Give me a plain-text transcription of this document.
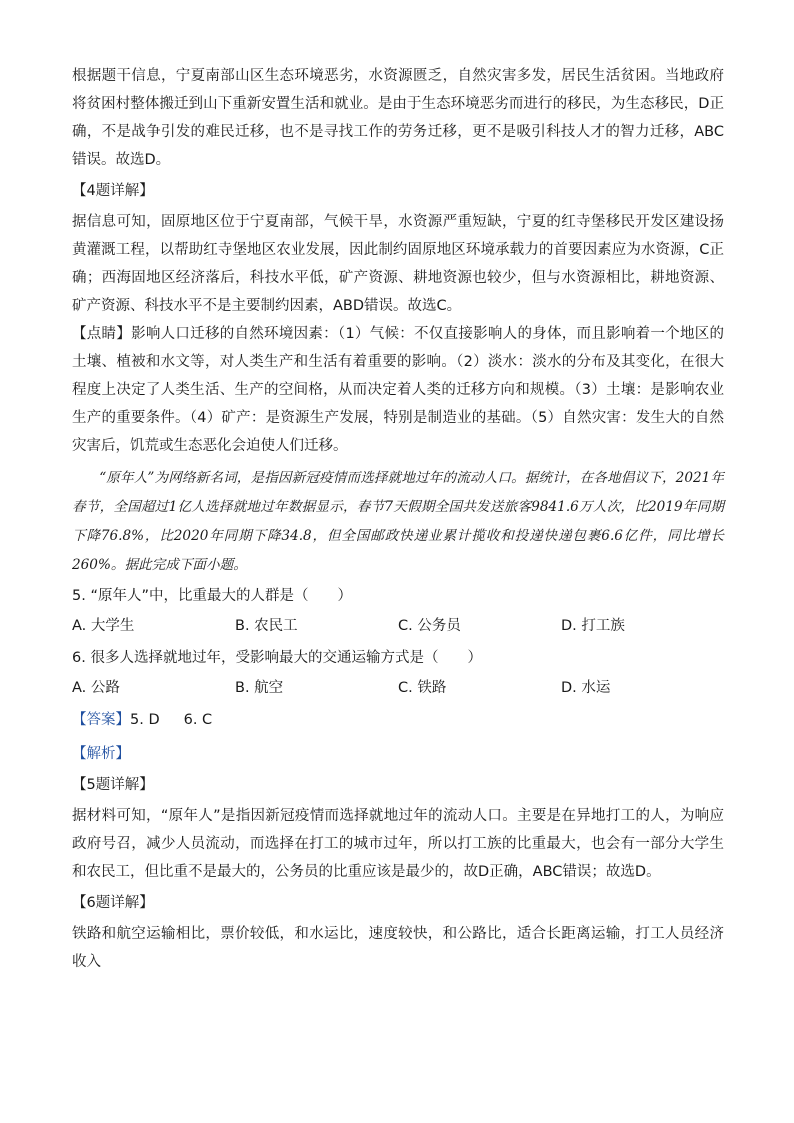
根据题干信息，宁夏南部山区生态环境恶劣，水资源匮乏，自然灾害多发，居民生活贫困。当地政府将贫困村整体搬迁到山下重新安置生活和就业。是由于生态环境恶劣而进行的移民，为生态移民，D正确，不是战争引发的难民迁移，也不是寻找工作的劳务迁移，更不是吸引科技人才的智力迁移，ABC错误。故选D。

【4题详解】

据信息可知，固原地区位于宁夏南部，气候干旱，水资源严重短缺，宁夏的红寺堡移民开发区建设扬黄灌溉工程，以帮助红寺堡地区农业发展，因此制约固原地区环境承载力的首要因素应为水资源，C正确；西海固地区经济落后，科技水平低，矿产资源、耕地资源也较少，但与水资源相比，耕地资源、矿产资源、科技水平不是主要制约因素，ABD错误。故选C。

【点睛】影响人口迁移的自然环境因素：（1）气候：不仅直接影响人的身体，而且影响着一个地区的土壤、植被和水文等，对人类生产和生活有着重要的影响。（2）淡水：淡水的分布及其变化，在很大程度上决定了人类生活、生产的空间格，从而决定着人类的迁移方向和规模。（3）土壤：是影响农业生产的重要条件。（4）矿产：是资源生产发展，特别是制造业的基础。（5）自然灾害：发生大的自然灾害后，饥荒或生态恶化会迫使人们迁移。

“原年人”为网络新名词，是指因新冠疫情而选择就地过年的流动人口。据统计，在各地倡议下，2021年春节，全国超过1亿人选择就地过年数据显示，春节7天假期全国共发送旅客9841.6万人次，比2019年同期下降76.8%，比2020年同期下降34.8，但全国邮政快递业累计揽收和投递快递包裹6.6亿件，同比增长260%。据此完成下面小题。

5. “原年人”中，比重最大的人群是（　　）
A. 大学生	B. 农民工	C. 公务员	D. 打工族
6. 很多人选择就地过年，受影响最大的交通运输方式是（　　）
A. 公路	B. 航空	C. 铁路	D. 水运
【答案】5. D 6. C
【解析】
【5题详解】

据材料可知，“原年人”是指因新冠疫情而选择就地过年的流动人口。主要是在异地打工的人，为响应政府号召，减少人员流动，而选择在打工的城市过年，所以打工族的比重最大，也会有一部分大学生和农民工，但比重不是最大的，公务员的比重应该是最少的，故D正确，ABC错误；故选D。

【6题详解】

铁路和航空运输相比，票价较低，和水运比，速度较快，和公路比，适合长距离运输，打工人员经济收入
